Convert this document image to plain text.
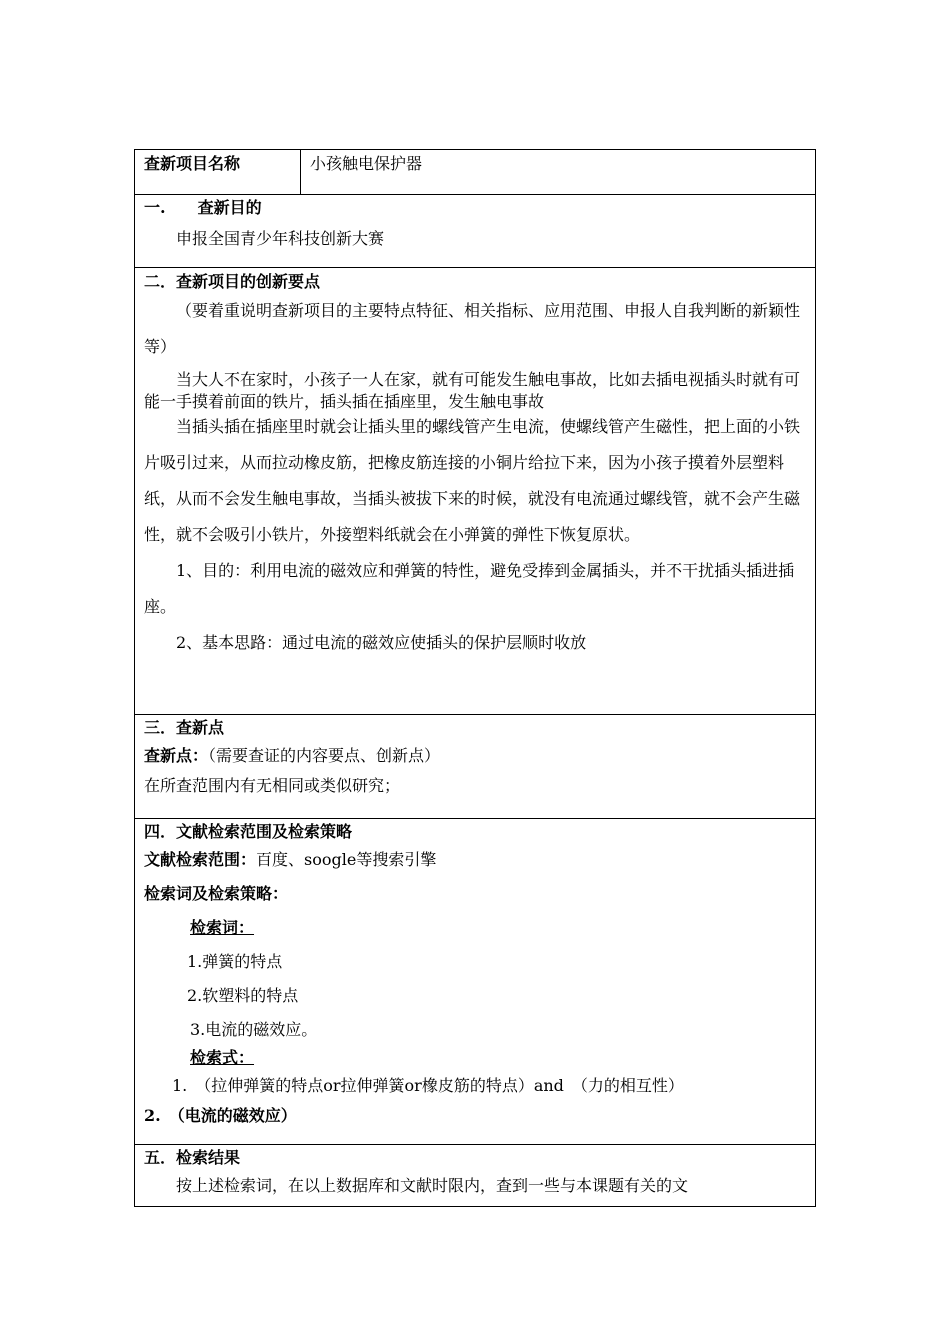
查新项目名称	小孩触电保护器
一.　　查新目的
申报全国青少年科技创新大赛
二．查新项目的创新要点
（要着重说明查新项目的主要特点特征、相关指标、应用范围、申报人自我判断的新颖性等）
当大人不在家时，小孩子一人在家，就有可能发生触电事故，比如去插电视插头时就有可能一手摸着前面的铁片，插头插在插座里，发生触电事故
当插头插在插座里时就会让插头里的螺线管产生电流，使螺线管产生磁性，把上面的小铁片吸引过来，从而拉动橡皮筋，把橡皮筋连接的小铜片给拉下来，因为小孩子摸着外层塑料纸，从而不会发生触电事故，当插头被拔下来的时候，就没有电流通过螺线管，就不会产生磁性，就不会吸引小铁片，外接塑料纸就会在小弹簧的弹性下恢复原状。
1、目的：利用电流的磁效应和弹簧的特性，避免受捧到金属插头，并不干扰插头插进插座。
2、基本思路：通过电流的磁效应使插头的保护层顺时收放
三．查新点
查新点：（需要查证的内容要点、创新点）
在所查范围内有无相同或类似研究；
四．文献检索范围及检索策略
文献检索范围：百度、soogle等搜索引擎
检索词及检索策略：
检索词：
1.弹簧的特点
2.软塑料的特点
3.电流的磁效应。
检索式：
1.　（拉伸弹簧的特点or拉伸弹簧or橡皮筋的特点）and　（力的相互性）
2.　（电流的磁效应）
五．检索结果
按上述检索词，在以上数据库和文献时限内，查到一些与本课题有关的文
